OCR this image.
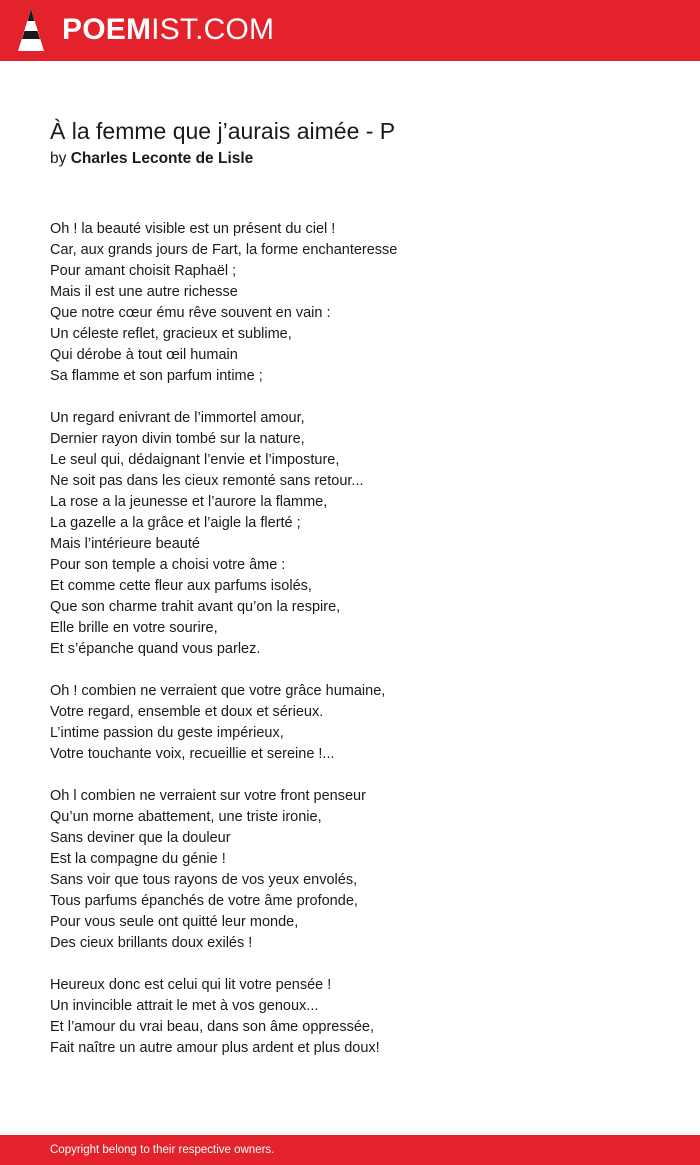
POEMIST.COM
À la femme que j’aurais aimée - P
by Charles Leconte de Lisle
Oh ! la beauté visible est un présent du ciel !
Car, aux grands jours de Fart, la forme enchanteresse
Pour amant choisit Raphaël ;
Mais il est une autre richesse
Que notre cœur ému rêve souvent en vain :
Un céleste reflet, gracieux et sublime,
Qui dérobe à tout œil humain
Sa flamme et son parfum intime ;
Un regard enivrant de l’immortel amour,
Dernier rayon divin tombé sur la nature,
Le seul qui, dédaignant l’envie et l’imposture,
Ne soit pas dans les cieux remonté sans retour...
La rose a la jeunesse et l’aurore la flamme,
La gazelle a la grâce et l’aigle la flerté ;
Mais l’intérieure beauté
Pour son temple a choisi votre âme :
Et comme cette fleur aux parfums isolés,
Que son charme trahit avant qu’on la respire,
Elle brille en votre sourire,
Et s’épanche quand vous parlez.
Oh ! combien ne verraient que votre grâce humaine,
Votre regard, ensemble et doux et sérieux.
L’intime passion du geste impérieux,
Votre touchante voix, recueillie et sereine !...
Oh l combien ne verraient sur votre front penseur
Qu’un morne abattement, une triste ironie,
Sans deviner que la douleur
Est la compagne du génie !
Sans voir que tous rayons de vos yeux envolés,
Tous parfums épanchés de votre âme profonde,
Pour vous seule ont quitté leur monde,
Des cieux brillants doux exilés !
Heureux donc est celui qui lit votre pensée !
Un invincible attrait le met à vos genoux...
Et l’amour du vrai beau, dans son âme oppressée,
Fait naître un autre amour plus ardent et plus doux!
Copyright belong to their respective owners.
